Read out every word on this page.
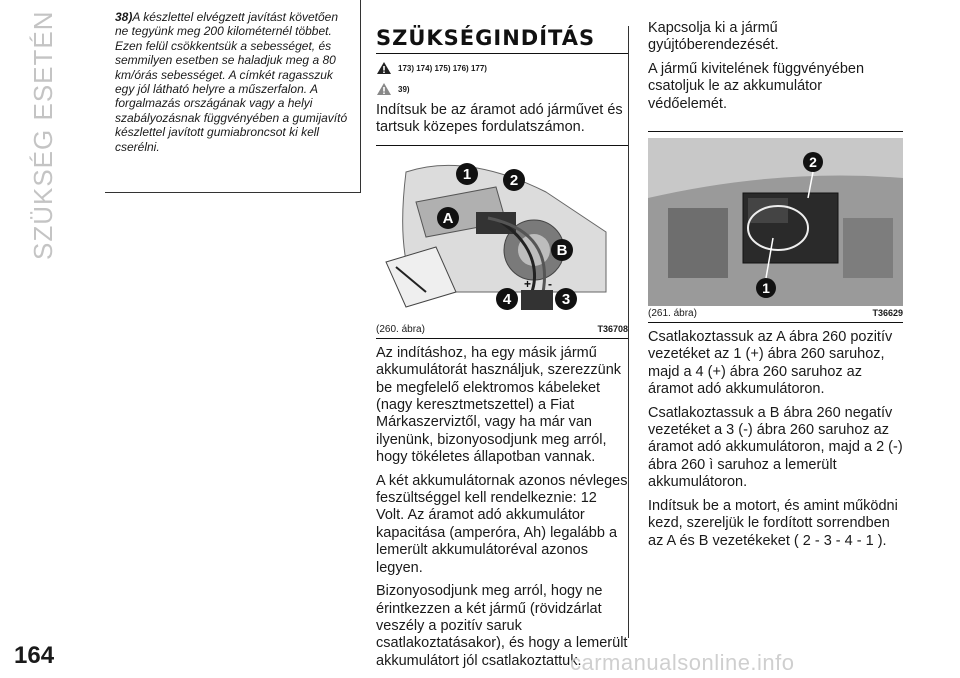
SZÜKSÉG ESETÉN	38)A készlettel elvégzett javítást követően ne tegyünk meg 200 kilométernél többet. Ezen felül csökkentsük a sebességet, és semmilyen esetben se haladjuk meg a 80 km/órás sebességet. A címkét ragasszuk egy jól látható helyre a műszerfalon. A forgalmazás országának vagy a helyi szabályozásnak függvényében a gumijavító készlettel javított gumiabroncsot ki kell cserélni.

SZÜKSÉGINDÍTÁS
173) 174) 175) 176) 177)
39)

Indítsuk be az áramot adó járművet és tartsuk közepes fordulatszámon.

1	2
A
B
4	3
+ -
(260. ábra)	T36708

Az indításhoz, ha egy másik jármű akkumulátorát használjuk, szerezzünk be megfelelő elektromos kábeleket (nagy keresztmetszettel) a Fiat Márkaszerviztől, vagy ha már van ilyenünk, bizonyosodjunk meg arról, hogy tökéletes állapotban vannak.

A két akkumulátornak azonos névleges feszültséggel kell rendelkeznie: 12 Volt. Az áramot adó akkumulátor kapacitása (amperóra, Ah) legalább a lemerült akkumulátoréval azonos legyen.

Bizonyosodjunk meg arról, hogy ne érintkezzen a két jármű (rövidzárlat veszély a pozitív saruk csatlakoztatásakor), és hogy a lemerült akkumulátort jól csatlakoztattuk.

Kapcsolja ki a jármű gyújtóberendezését.

A jármű kivitelének függvényében csatoljuk le az akkumulátor védőelemét.

1
2
(261. ábra)	T36629

Csatlakoztassuk az A ábra 260 pozitív vezetéket az 1 (+) ábra 260 saruhoz, majd a 4 (+) ábra 260 saruhoz az áramot adó akkumulátoron.

Csatlakoztassuk a B ábra 260 negatív vezetéket a 3 (-) ábra 260 saruhoz az áramot adó akkumulátoron, majd a 2 (-) ábra 260 ì saruhoz a lemerült akkumulátoron.

Indítsuk be a motort, és amint működni kezd, szereljük le fordított sorrendben az A és B vezetékeket ( 2 - 3 - 4 - 1 ).

164	carmanualsonline.info
